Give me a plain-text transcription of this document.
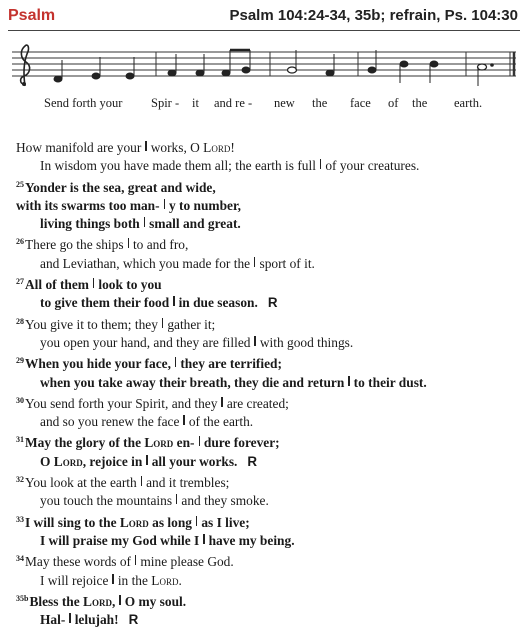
Psalm	Psalm 104:24-34, 35b; refrain, Ps. 104:30
Send forth your Spir - it and re - new the face of the earth.
How manifold are your works, O Lord!
In wisdom you have made them all; the earth is full of your creatures.
$^{25}$Yonder is the sea, great and wide,
with its swarms too man- y to number,
living things both small and great.
$^{26}$There go the ships to and fro,
and Leviathan, which you made for the sport of it.
$^{27}$All of them look to you
to give them their food in due season. R
$^{28}$You give it to them; they gather it;
you open your hand, and they are filled with good things.
$^{29}$When you hide your face, they are terrified;
when you take away their breath, they die and return to their dust.
$^{30}$You send forth your Spirit, and they are created;
and so you renew the face of the earth.
$^{31}$May the glory of the Lord en- dure forever;
O Lord, rejoice in all your works. R
$^{32}$You look at the earth and it trembles;
you touch the mountains and they smoke.
$^{33}$I will sing to the Lord as long as I live;
I will praise my God while I have my being.
$^{34}$May these words of mine please God.
I will rejoice in the Lord.
$^{35b}$Bless the Lord, O my soul.
Hal- lelujah! R
